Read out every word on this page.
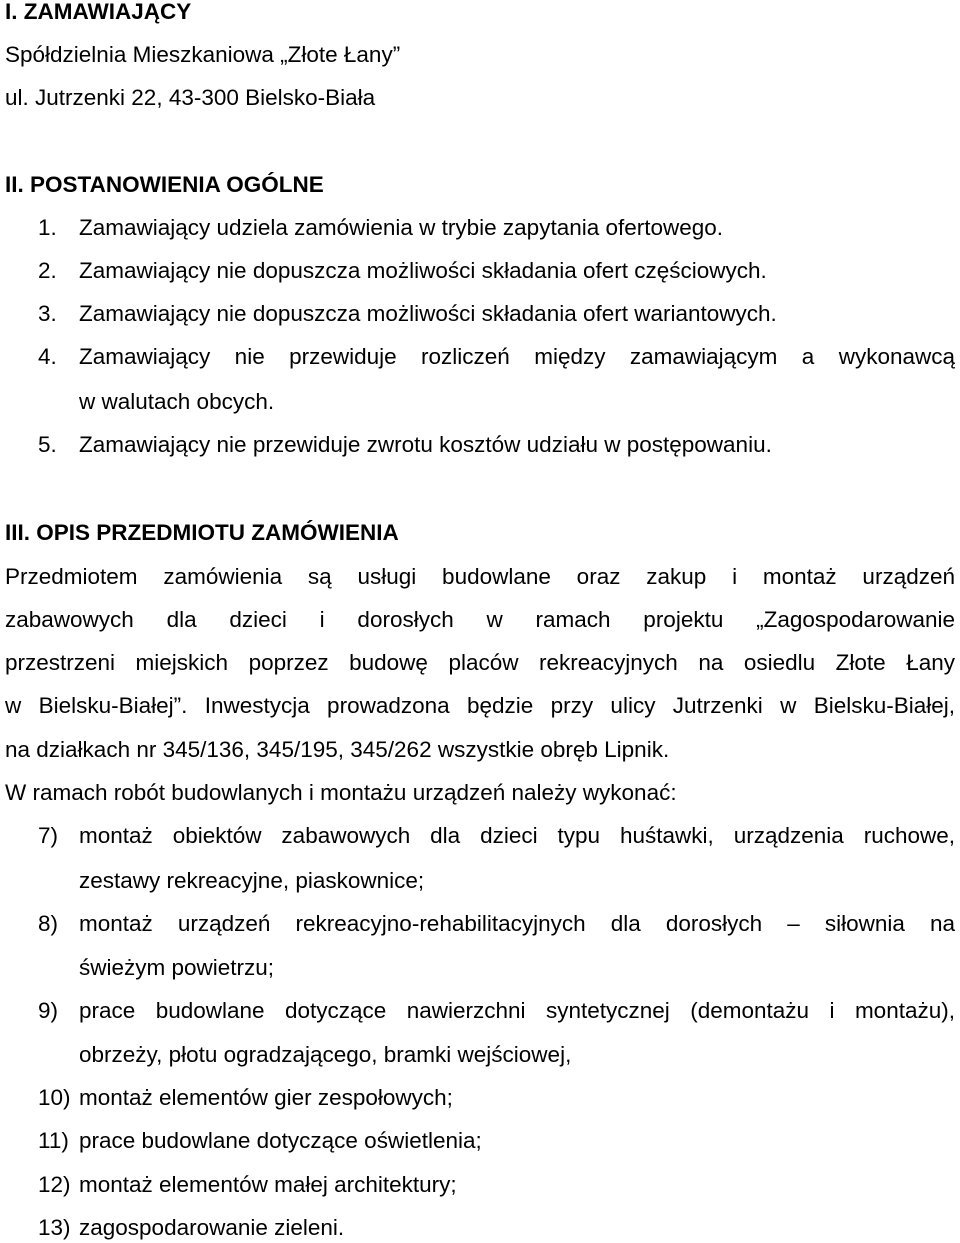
I. ZAMAWIAJĄCY
Spółdzielnia Mieszkaniowa „Złote Łany”
ul. Jutrzenki 22, 43-300 Bielsko-Biała
II. POSTANOWIENIA OGÓLNE
1. Zamawiający udziela zamówienia w trybie zapytania ofertowego.
2. Zamawiający nie dopuszcza możliwości składania ofert częściowych.
3. Zamawiający nie dopuszcza możliwości składania ofert wariantowych.
4. Zamawiający nie przewiduje rozliczeń między zamawiającym a wykonawcą
w walutach obcych.
5. Zamawiający nie przewiduje zwrotu kosztów udziału w postępowaniu.
III. OPIS PRZEDMIOTU ZAMÓWIENIA
Przedmiotem zamówienia są usługi budowlane oraz zakup i montaż urządzeń
zabawowych dla dzieci i dorosłych w ramach projektu „Zagospodarowanie
przestrzeni miejskich poprzez budowę placów rekreacyjnych na osiedlu Złote Łany
w Bielsku-Białej”. Inwestycja prowadzona będzie przy ulicy Jutrzenki w Bielsku-Białej,
na działkach nr 345/136, 345/195, 345/262 wszystkie obręb Lipnik.
W ramach robót budowlanych i montażu urządzeń należy wykonać:
7) montaż obiektów zabawowych dla dzieci typu huśtawki, urządzenia ruchowe,
zestawy rekreacyjne, piaskownice;
8) montaż urządzeń rekreacyjno-rehabilitacyjnych dla dorosłych – siłownia na
świeżym powietrzu;
9) prace budowlane dotyczące nawierzchni syntetycznej (demontażu i montażu),
obrzeży, płotu ogradzającego, bramki wejściowej,
10) montaż elementów gier zespołowych;
11) prace budowlane dotyczące oświetlenia;
12) montaż elementów małej architektury;
13) zagospodarowanie zieleni.
